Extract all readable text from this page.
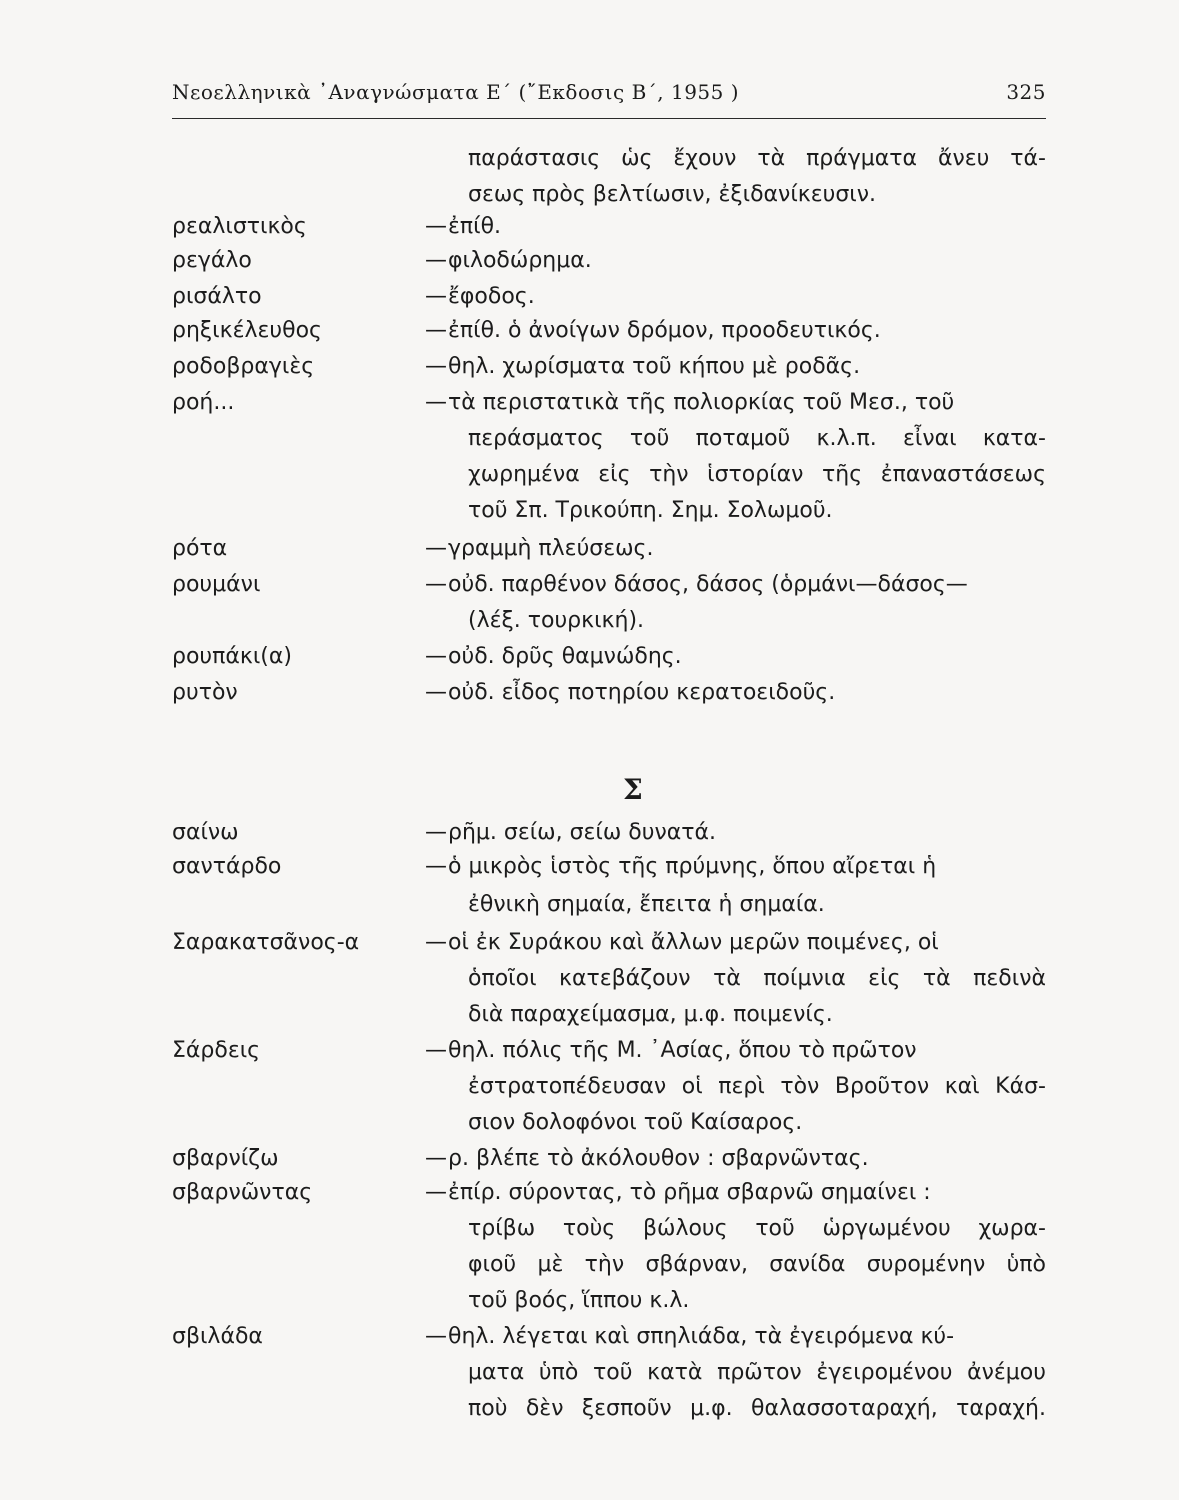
Νεοελληνικὰ ᾿Αναγνώσματα Ε΄ (῎Εκδοσις Β΄, 1955 )	325
παράστασις ὡς ἔχουν τὰ πράγματα ἄνευ τά-
σεως πρὸς βελτίωσιν, ἐξιδανίκευσιν.
ρεαλιστικὸς	— ἐπίθ.
ρεγάλο	— φιλοδώρημα.
ρισάλτο	— ἔφοδος.
ρηξικέλευθος	— ἐπίθ. ὁ ἀνοίγων δρόμον, προοδευτικός.
ροδοβραγιὲς	— θηλ. χωρίσματα τοῦ κήπου μὲ ροδᾶς.
ροή...	— τὰ περιστατικὰ τῆς πολιορκίας τοῦ Μεσ., τοῦ
περάσματος τοῦ ποταμοῦ κ.λ.π. εἶναι κατα-
χωρημένα εἰς τὴν ἱστορίαν τῆς ἐπαναστάσεως
τοῦ Σπ. Τρικούπη. Σημ. Σολωμοῦ.
ρότα	— γραμμὴ πλεύσεως.
ρουμάνι	— οὐδ. παρθένον δάσος, δάσος (ὁρμάνι—δάσος—
(λέξ. τουρκική).
ρουπάκι(α)	— οὐδ. δρῦς θαμνώδης.
ρυτὸν	— οὐδ. εἶδος ποτηρίου κερατοειδοῦς.
Σ
σαίνω	— ρῆμ. σείω, σείω δυνατά.
σαντάρδο	— ὁ μικρὸς ἱστὸς τῆς πρύμνης, ὅπου αἴρεται ἡ
ἐθνικὴ σημαία, ἔπειτα ἡ σημαία.
Σαρακατσᾶνος-α	— οἱ ἐκ Συράκου καὶ ἄλλων μερῶν ποιμένες, οἱ
ὁποῖοι κατεβάζουν τὰ ποίμνια εἰς τὰ πεδινὰ
διὰ παραχείμασμα, μ.φ. ποιμενίς.
Σάρδεις	— θηλ. πόλις τῆς Μ. ᾿Ασίας, ὅπου τὸ πρῶτον
ἐστρατοπέδευσαν οἱ περὶ τὸν Βροῦτον καὶ Κάσ-
σιον δολοφόνοι τοῦ Καίσαρος.
σβαρνίζω	— ρ. βλέπε τὸ ἀκόλουθον : σβαρνῶντας.
σβαρνῶντας	— ἐπίρ. σύροντας, τὸ ρῆμα σβαρνῶ σημαίνει :
τρίβω τοὺς βώλους τοῦ ὡργωμένου χωρα-
φιοῦ μὲ τὴν σβάρναν, σανίδα συρομένην ὑπὸ
τοῦ βοός, ἵππου κ.λ.
σβιλάδα	— θηλ. λέγεται καὶ σπηλιάδα, τὰ ἐγειρόμενα κύ-
ματα ὑπὸ τοῦ κατὰ πρῶτον ἐγειρομένου ἀνέμου
ποὺ δὲν ξεσποῦν μ.φ. θαλασσοταραχή, ταραχή.
